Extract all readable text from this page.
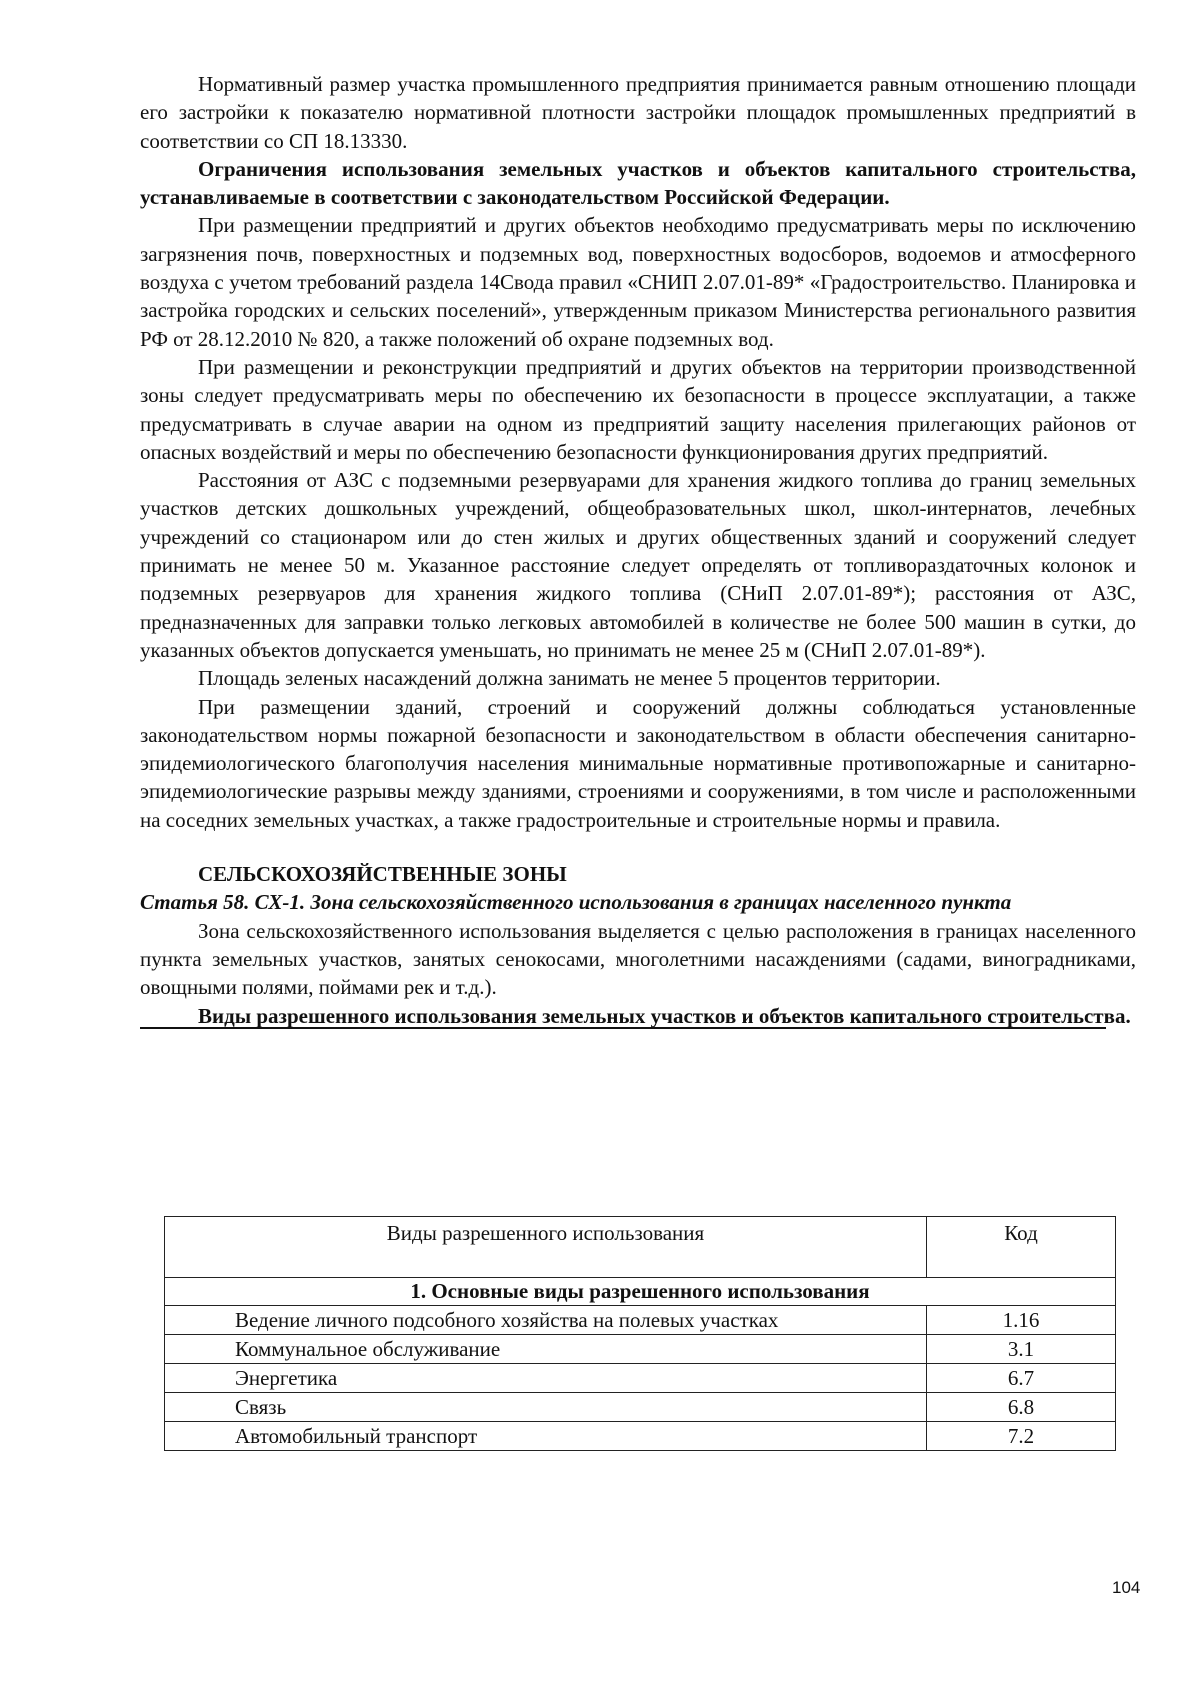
Нормативный размер участка промышленного предприятия принимается равным отношению площади его застройки к показателю нормативной плотности застройки площадок промышленных предприятий в соответствии со СП 18.13330.

Ограничения использования земельных участков и объектов капитального строительства, устанавливаемые в соответствии с законодательством Российской Федерации.

При размещении предприятий и других объектов необходимо предусматривать меры по исключению загрязнения почв, поверхностных и подземных вод, поверхностных водосборов, водоемов и атмосферного воздуха с учетом требований раздела 14Свода правил «СНИП 2.07.01-89* «Градостроительство. Планировка и застройка городских и сельских поселений», утвержденным приказом Министерства регионального развития РФ от 28.12.2010 № 820, а также положений об охране подземных вод.

При размещении и реконструкции предприятий и других объектов на территории производственной зоны следует предусматривать меры по обеспечению их безопасности в процессе эксплуатации, а также предусматривать в случае аварии на одном из предприятий защиту населения прилегающих районов от опасных воздействий и меры по обеспечению безопасности функционирования других предприятий.

Расстояния от АЗС с подземными резервуарами для хранения жидкого топлива до границ земельных участков детских дошкольных учреждений, общеобразовательных школ, школ-интернатов, лечебных учреждений со стационаром или до стен жилых и других общественных зданий и сооружений следует принимать не менее 50 м. Указанное расстояние следует определять от топливораздаточных колонок и подземных резервуаров для хранения жидкого топлива (СНиП 2.07.01-89*); расстояния от АЗС, предназначенных для заправки только легковых автомобилей в количестве не более 500 машин в сутки, до указанных объектов допускается уменьшать, но принимать не менее 25 м (СНиП 2.07.01-89*).

Площадь зеленых насаждений должна занимать не менее 5 процентов территории.

При размещении зданий, строений и сооружений должны соблюдаться установленные законодательством нормы пожарной безопасности и законодательством в области обеспечения санитарно-эпидемиологического благополучия населения минимальные нормативные противопожарные и санитарно-эпидемиологические разрывы между зданиями, строениями и сооружениями, в том числе и расположенными на соседних земельных участках, а также градостроительные и строительные нормы и правила.

СЕЛЬСКОХОЗЯЙСТВЕННЫЕ ЗОНЫ
Статья 58. СХ-1. Зона сельскохозяйственного использования в границах населенного пункта

Зона сельскохозяйственного использования выделяется с целью расположения в границах населенного пункта земельных участков, занятых сенокосами, многолетними насаждениями (садами, виноградниками, овощными полями, поймами рек и т.д.).

Виды разрешенного использования земельных участков и объектов капитального строительства.

Виды разрешенного использования	Код
1. Основные виды разрешенного использования	
Ведение личного подсобного хозяйства на полевых участках	1.16
Коммунальное обслуживание	3.1
Энергетика	6.7
Связь	6.8
Автомобильный транспорт	7.2
104
